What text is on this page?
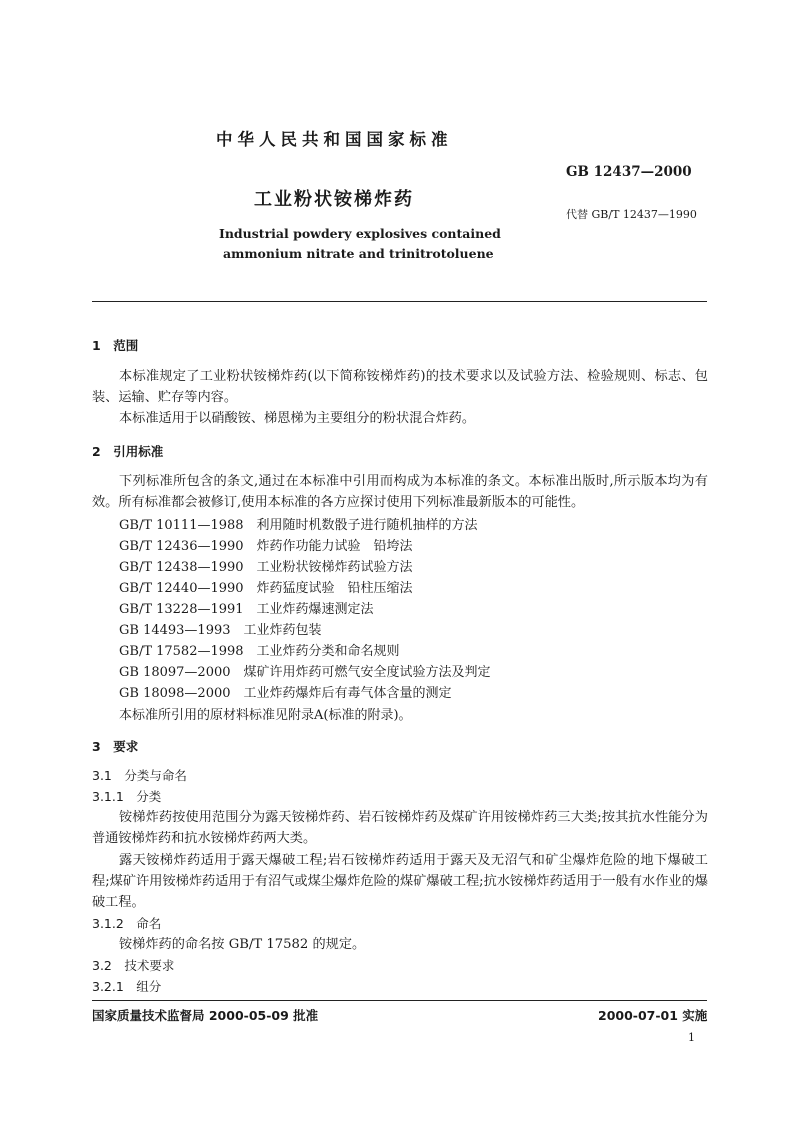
中华人民共和国国家标准
GB 12437—2000
工业粉状铵梯炸药
代替 GB/T 12437—1990
Industrial powdery explosives contained
ammonium nitrate and trinitrotoluene
1　范围
本标准规定了工业粉状铵梯炸药(以下简称铵梯炸药)的技术要求以及试验方法、检验规则、标志、包装、运输、贮存等内容。
本标准适用于以硝酸铵、梯恩梯为主要组分的粉状混合炸药。
2　引用标准
下列标准所包含的条文,通过在本标准中引用而构成为本标准的条文。本标准出版时,所示版本均为有效。所有标准都会被修订,使用本标准的各方应探讨使用下列标准最新版本的可能性。
GB/T 10111—1988　利用随时机数骰子进行随机抽样的方法
GB/T 12436—1990　炸药作功能力试验　铅垮法
GB/T 12438—1990　工业粉状铵梯炸药试验方法
GB/T 12440—1990　炸药猛度试验　铅柱压缩法
GB/T 13228—1991　工业炸药爆速测定法
GB 14493—1993　工业炸药包装
GB/T 17582—1998　工业炸药分类和命名规则
GB 18097—2000　煤矿许用炸药可燃气安全度试验方法及判定
GB 18098—2000　工业炸药爆炸后有毒气体含量的测定
本标准所引用的原材料标准见附录A(标准的附录)。
3　要求
3.1　分类与命名
3.1.1　分类
铵梯炸药按使用范围分为露天铵梯炸药、岩石铵梯炸药及煤矿许用铵梯炸药三大类;按其抗水性能分为普通铵梯炸药和抗水铵梯炸药两大类。
露天铵梯炸药适用于露天爆破工程;岩石铵梯炸药适用于露天及无沼气和矿尘爆炸危险的地下爆破工程;煤矿许用铵梯炸药适用于有沼气或煤尘爆炸危险的煤矿爆破工程;抗水铵梯炸药适用于一般有水作业的爆破工程。
3.1.2　命名
铵梯炸药的命名按 GB/T 17582 的规定。
3.2　技术要求
3.2.1　组分
国家质量技术监督局 2000-05-09 批准	2000-07-01 实施
1
